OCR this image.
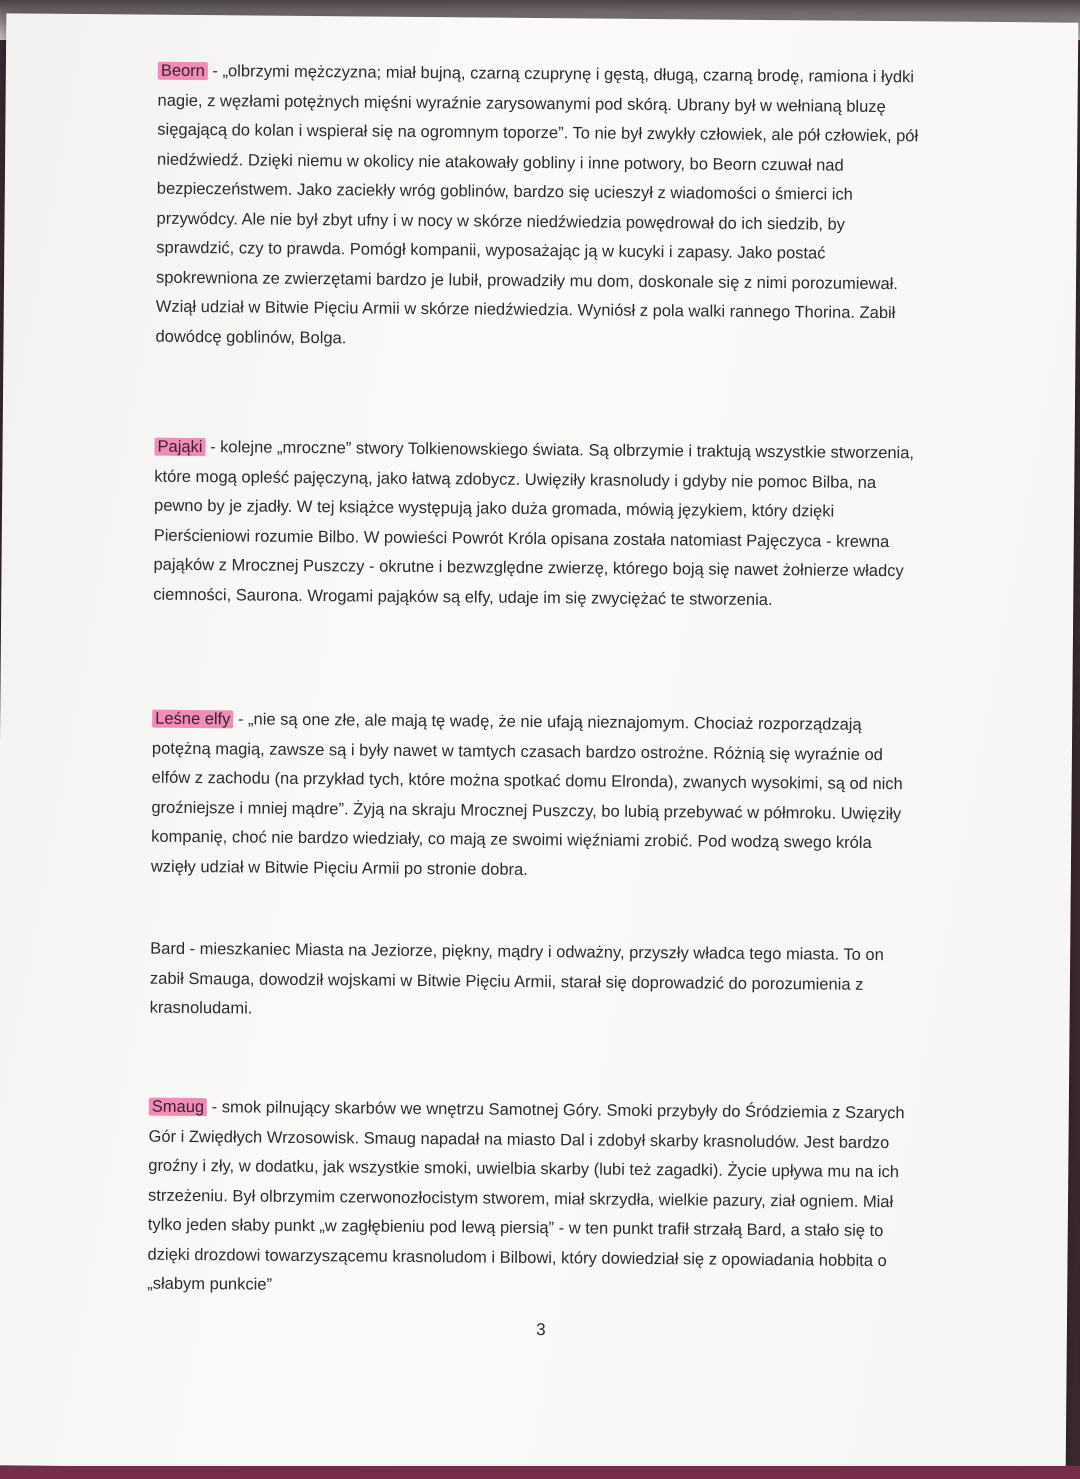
Beorn - „olbrzymi mężczyzna; miał bujną, czarną czuprynę i gęstą, długą, czarną brodę, ramiona i łydki nagie, z węzłami potężnych mięśni wyraźnie zarysowanymi pod skórą. Ubrany był w wełnianą bluzę sięgającą do kolan i wspierał się na ogromnym toporze”. To nie był zwykły człowiek, ale pół człowiek, pół niedźwiedź. Dzięki niemu w okolicy nie atakowały gobliny i inne potwory, bo Beorn czuwał nad bezpieczeństwem. Jako zaciekły wróg goblinów, bardzo się ucieszył z wiadomości o śmierci ich przywódcy. Ale nie był zbyt ufny i w nocy w skórze niedźwiedzia powędrował do ich siedzib, by sprawdzić, czy to prawda. Pomógł kompanii, wyposażając ją w kucyki i zapasy. Jako postać spokrewniona ze zwierzętami bardzo je lubił, prowadziły mu dom, doskonale się z nimi porozumiewał. Wziął udział w Bitwie Pięciu Armii w skórze niedźwiedzia. Wyniósł z pola walki rannego Thorina. Zabił dowódcę goblinów, Bolga.

Pająki - kolejne „mroczne” stwory Tolkienowskiego świata. Są olbrzymie i traktują wszystkie stworzenia, które mogą opleść pajęczyną, jako łatwą zdobycz. Uwięziły krasnoludy i gdyby nie pomoc Bilba, na pewno by je zjadły. W tej książce występują jako duża gromada, mówią językiem, który dzięki Pierścieniowi rozumie Bilbo. W powieści Powrót Króla opisana została natomiast Pajęczyca - krewna pająków z Mrocznej Puszczy - okrutne i bezwzględne zwierzę, którego boją się nawet żołnierze władcy ciemności, Saurona. Wrogami pająków są elfy, udaje im się zwyciężać te stworzenia.

Leśne elfy - „nie są one złe, ale mają tę wadę, że nie ufają nieznajomym. Chociaż rozporządzają potężną magią, zawsze są i były nawet w tamtych czasach bardzo ostrożne. Różnią się wyraźnie od elfów z zachodu (na przykład tych, które można spotkać domu Elronda), zwanych wysokimi, są od nich groźniejsze i mniej mądre”. Żyją na skraju Mrocznej Puszczy, bo lubią przebywać w półmroku. Uwięziły kompanię, choć nie bardzo wiedziały, co mają ze swoimi więźniami zrobić. Pod wodzą swego króla wzięły udział w Bitwie Pięciu Armii po stronie dobra.

Bard - mieszkaniec Miasta na Jeziorze, piękny, mądry i odważny, przyszły władca tego miasta. To on zabił Smauga, dowodził wojskami w Bitwie Pięciu Armii, starał się doprowadzić do porozumienia z krasnoludami.

Smaug - smok pilnujący skarbów we wnętrzu Samotnej Góry. Smoki przybyły do Śródziemia z Szarych Gór i Zwiędłych Wrzosowisk. Smaug napadał na miasto Dal i zdobył skarby krasnoludów. Jest bardzo groźny i zły, w dodatku, jak wszystkie smoki, uwielbia skarby (lubi też zagadki). Życie upływa mu na ich strzeżeniu. Był olbrzymim czerwonozłocistym stworem, miał skrzydła, wielkie pazury, ział ogniem. Miał tylko jeden słaby punkt „w zagłębieniu pod lewą piersią” - w ten punkt trafił strzałą Bard, a stało się to dzięki drozdowi towarzyszącemu krasnoludom i Bilbowi, który dowiedział się z opowiadania hobbita o „słabym punkcie”

3
